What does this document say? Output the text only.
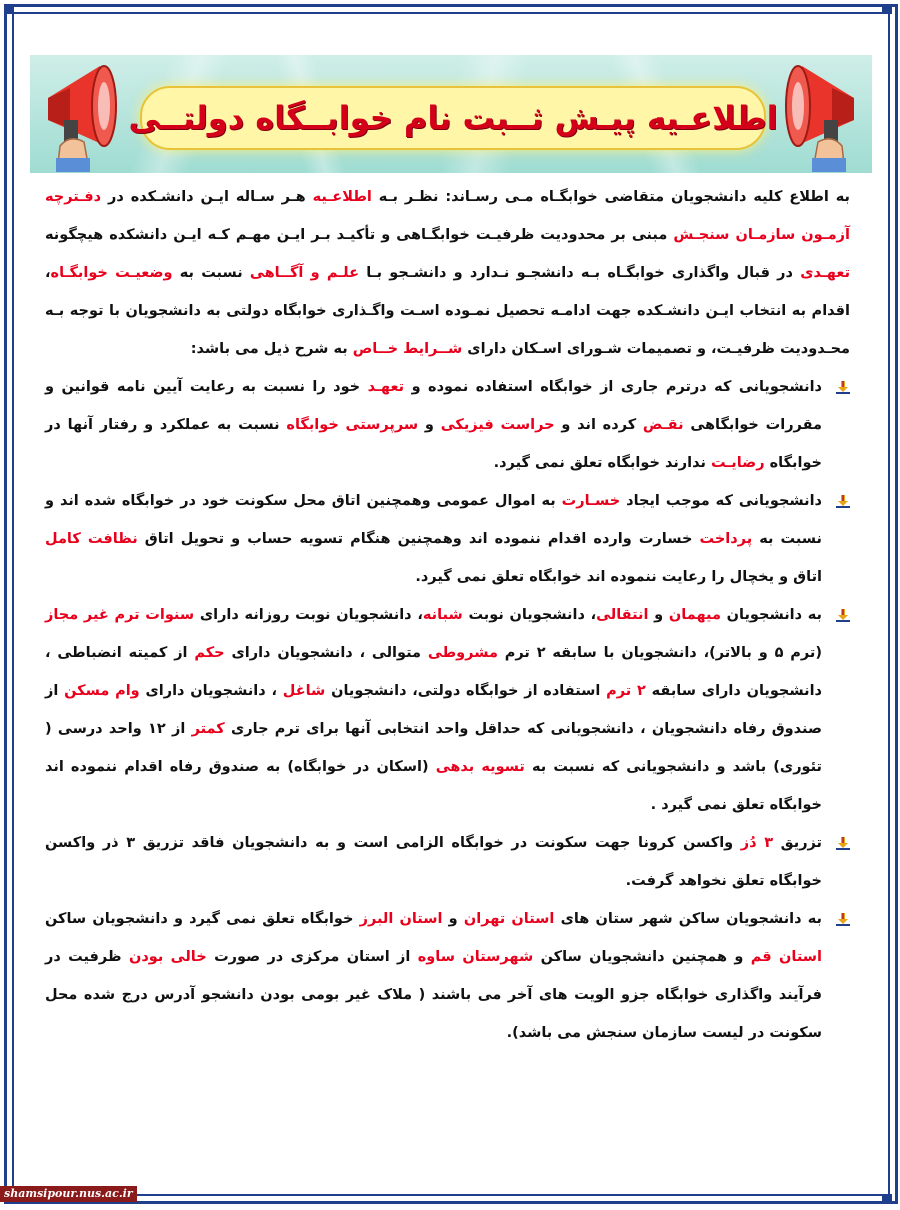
اطلاعـیه پیـش ثــبت نام خوابــگاه دولتــی

به اطلاع کلیه دانشجویان متقاضی خوابگـاه مـی رسـاند: نظـر بـه اطلاعـیه هـر سـاله ایـن دانشـکده در دفـترچه آزمـون سازمـان سنجـش مبنی بر محدودیت ظرفیـت خوابگـاهی و تأکیـد بـر ایـن مهـم کـه ایـن دانشکده هیچگونه تعهـدی در قبال واگذاری خوابگـاه بـه دانشجـو نـدارد و دانشـجو بـا علـم و آگــاهی نسبت به وضعیـت خوابگـاه، اقدام به انتخاب ایـن دانشـکده جهت ادامـه تحصیل نمـوده اسـت واگـذاری خوابگاه دولتی به دانشجویان با توجه بـه محـدودیت ظرفیـت، و تصمیمات شـورای اسـکان دارای شــرایط خــاص به شرح ذیل می باشد:

دانشجویانی که درترم جاری از خوابگاه استفاده نموده و تعهـد خود را نسبت به رعایت آیین نامه قوانین و مقررات خوابگاهی نقـض کرده اند و حراست فیزیکی و سرپرستی خوابگاه نسبت به عملکرد و رفتار آنها در خوابگاه رضایـت ندارند خوابگاه تعلق نمی گیرد.

دانشجویانی که موجب ایجاد خسـارت به اموال عمومی وهمچنین اتاق محل سکونت خود در خوابگاه شده اند و نسبت به پرداخت خسارت وارده اقدام ننموده اند وهمچنین هنگام تسویه حساب و تحویل اتاق نظافت کامل اتاق و یخچال را رعایت ننموده اند خوابگاه تعلق نمی گیرد.

به دانشجویان میهمان و انتقالی، دانشجویان نوبت شبانه، دانشجویان نوبت روزانه دارای سنوات ترم غیر مجاز (ترم ۵ و بالاتر)، دانشجویان با سابقه ۲ ترم مشروطی متوالی ، دانشجویان دارای حکم از کمیته انضباطی ، دانشجویان دارای سابقه ۲ ترم استفاده از خوابگاه دولتی، دانشجویان شاغل ، دانشجویان دارای وام مسکن از صندوق رفاه دانشجویان ، دانشجویانی که حداقل واحد انتخابی آنها برای ترم جاری کمتر از ۱۲ واحد درسی ( تئوری) باشد و دانشجویانی که نسبت به تسویه بدهی (اسکان در خوابگاه) به صندوق رفاه اقدام ننموده اند خوابگاه تعلق نمی گیرد .

تزریق ۳ دُز واکسن کرونا جهت سکونت در خوابگاه الزامی است و به دانشجویان فاقد تزریق ۳ ذر واکسن خوابگاه تعلق نخواهد گرفت.

به دانشجویان ساکن شهر ستان های استان تهران و استان البرز خوابگاه تعلق نمی گیرد و دانشجویان ساکن استان قم و همچنین دانشجویان ساکن شهرستان ساوه از استان مرکزی در صورت خالی بودن ظرفیت در فرآیند واگذاری خوابگاه جزو الویت های آخر می باشند ( ملاک غیر بومی بودن دانشجو آدرس درج شده محل سکونت در لیست سازمان سنجش می باشد).

shamsipour.nus.ac.ir
